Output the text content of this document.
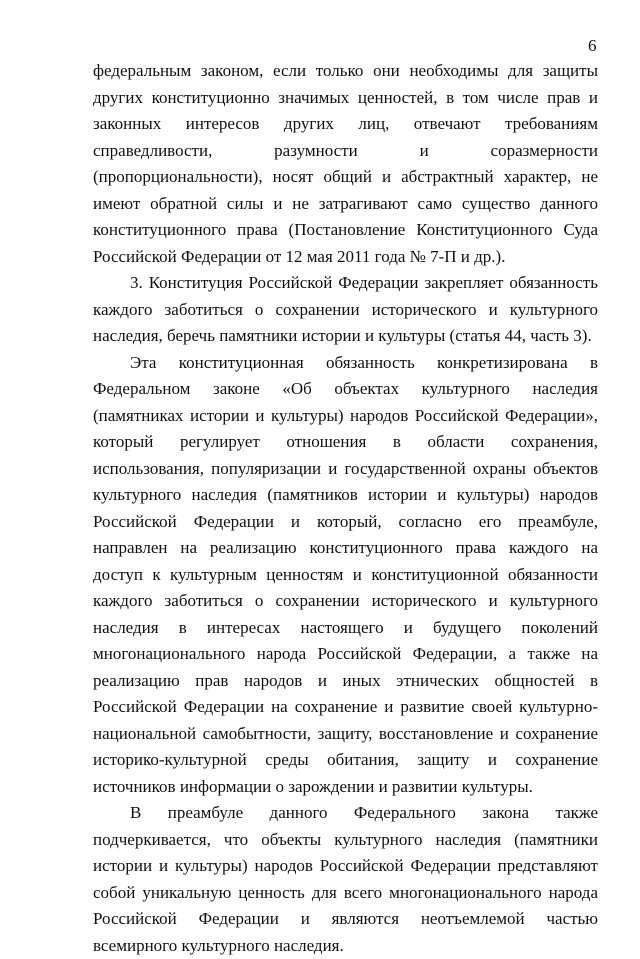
6

федеральным законом, если только они необходимы для защиты других конституционно значимых ценностей, в том числе прав и законных интересов других лиц, отвечают требованиям справедливости, разумности и соразмерности (пропорциональности), носят общий и абстрактный характер, не имеют обратной силы и не затрагивают само существо данного конституционного права (Постановление Конституционного Суда Российской Федерации от 12 мая 2011 года № 7-П и др.).

3. Конституция Российской Федерации закрепляет обязанность каждого заботиться о сохранении исторического и культурного наследия, беречь памятники истории и культуры (статья 44, часть 3).

Эта конституционная обязанность конкретизирована в Федеральном законе «Об объектах культурного наследия (памятниках истории и культуры) народов Российской Федерации», который регулирует отношения в области сохранения, использования, популяризации и государственной охраны объектов культурного наследия (памятников истории и культуры) народов Российской Федерации и который, согласно его преамбуле, направлен на реализацию конституционного права каждого на доступ к культурным ценностям и конституционной обязанности каждого заботиться о сохранении исторического и культурного наследия в интересах настоящего и будущего поколений многонационального народа Российской Федерации, а также на реализацию прав народов и иных этнических общностей в Российской Федерации на сохранение и развитие своей культурно-национальной самобытности, защиту, восстановление и сохранение историко-культурной среды обитания, защиту и сохранение источников информации о зарождении и развитии культуры.

В преамбуле данного Федерального закона также подчеркивается, что объекты культурного наследия (памятники истории и культуры) народов Российской Федерации представляют собой уникальную ценность для всего многонационального народа Российской Федерации и являются неотъемлемой частью всемирного культурного наследия.
